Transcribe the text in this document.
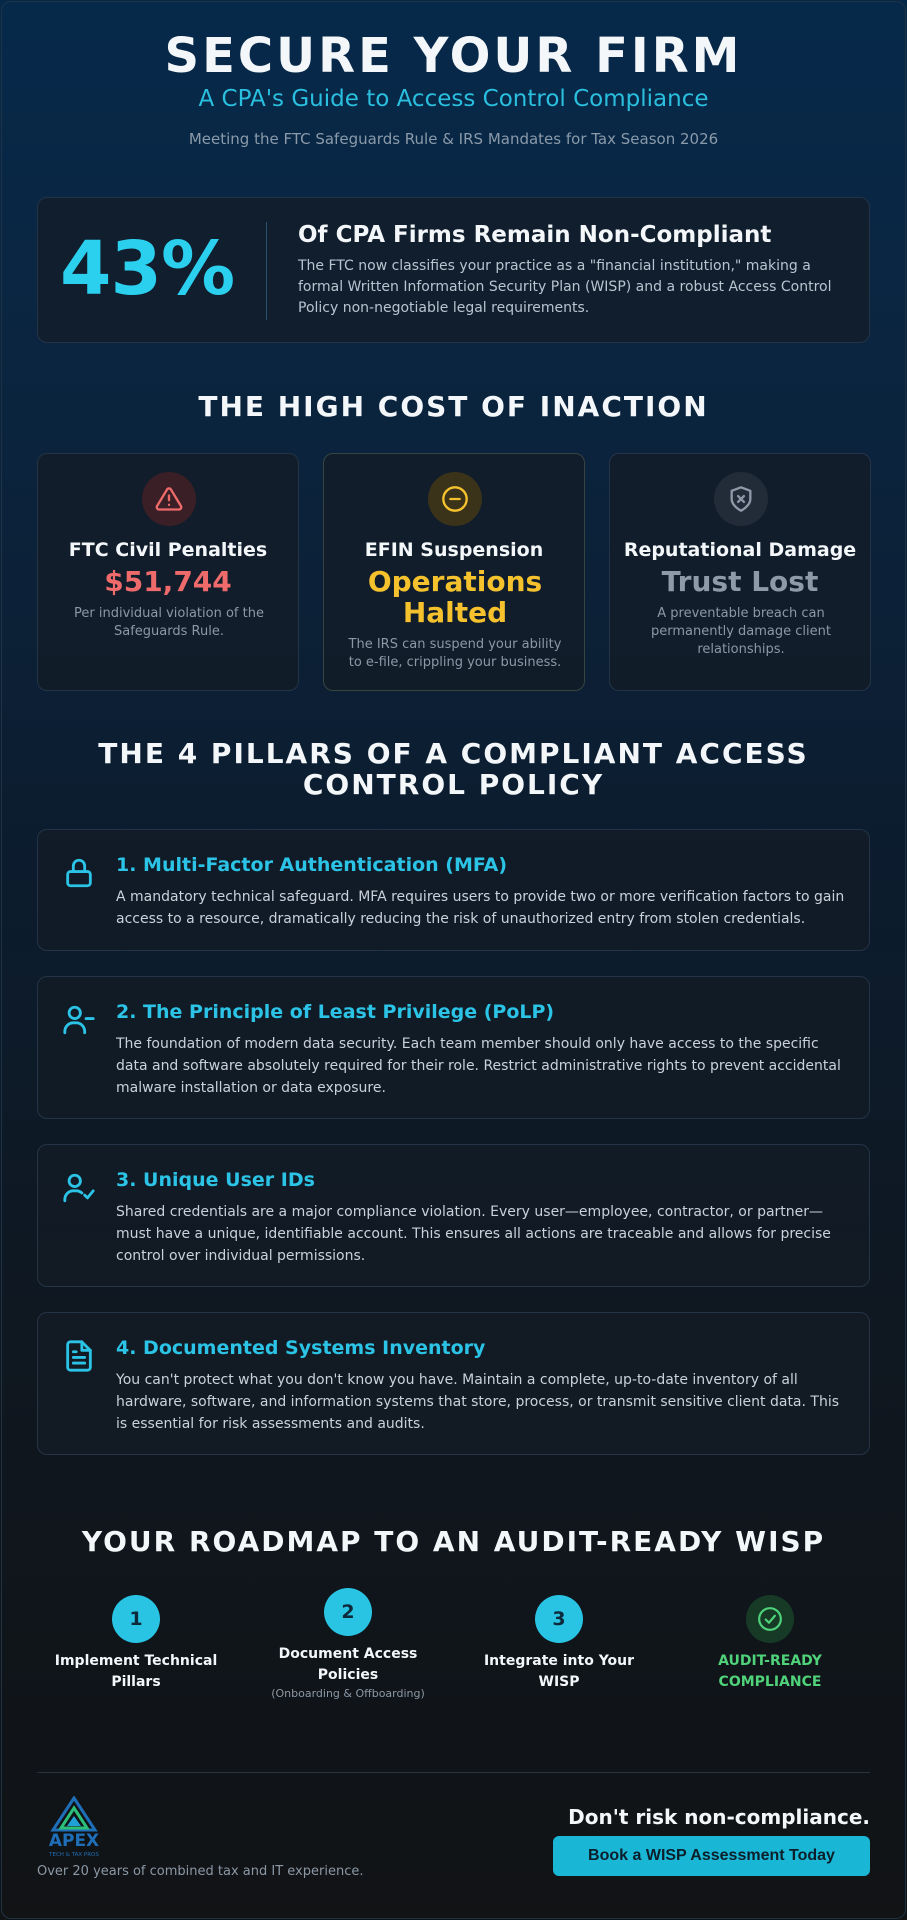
SECURE YOUR FIRM
A CPA's Guide to Access Control Compliance
Meeting the FTC Safeguards Rule & IRS Mandates for Tax Season 2026
43%	Of CPA Firms Remain Non-Compliant
The FTC now classifies your practice as a "financial institution," making a formal Written Information Security Plan (WISP) and a robust Access Control Policy non-negotiable legal requirements.
THE HIGH COST OF INACTION
FTC Civil Penalties
$51,744
Per individual violation of the Safeguards Rule.
EFIN Suspension
Operations Halted
The IRS can suspend your ability to e-file, crippling your business.
Reputational Damage
Trust Lost
A preventable breach can permanently damage client relationships.
THE 4 PILLARS OF A COMPLIANT ACCESS
CONTROL POLICY
1. Multi-Factor Authentication (MFA)
A mandatory technical safeguard. MFA requires users to provide two or more verification factors to gain access to a resource, dramatically reducing the risk of unauthorized entry from stolen credentials.
2. The Principle of Least Privilege (PoLP)
The foundation of modern data security. Each team member should only have access to the specific data and software absolutely required for their role. Restrict administrative rights to prevent accidental malware installation or data exposure.
3. Unique User IDs
Shared credentials are a major compliance violation. Every user—employee, contractor, or partner—must have a unique, identifiable account. This ensures all actions are traceable and allows for precise control over individual permissions.
4. Documented Systems Inventory
You can't protect what you don't know you have. Maintain a complete, up-to-date inventory of all hardware, software, and information systems that store, process, or transmit sensitive client data. This is essential for risk assessments and audits.
YOUR ROADMAP TO AN AUDIT-READY WISP
1
Implement Technical
Pillars
2
Document Access
Policies
(Onboarding & Offboarding)
3
Integrate into Your
WISP
AUDIT-READY
COMPLIANCE
APEX
TECH & TAX PROS
Over 20 years of combined tax and IT experience.
Don't risk non-compliance.
Book a WISP Assessment Today
